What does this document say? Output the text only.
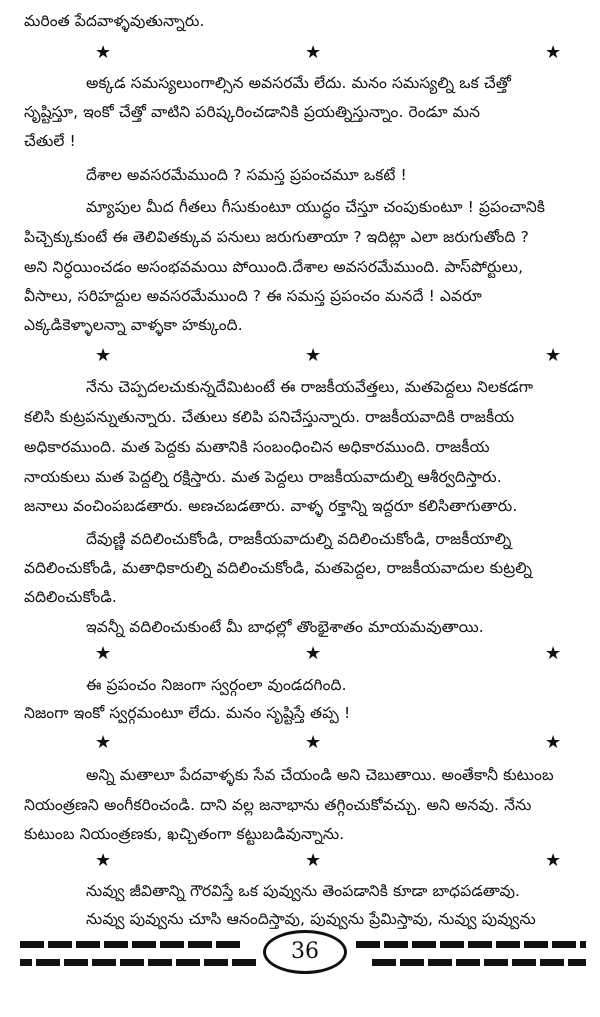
మరింత పేదవాళ్ళవుతున్నారు.
★	★	★
అక్కడ సమస్యలుంగాల్సిన అవసరమే లేదు. మనం సమస్యల్ని ఒక చేత్తో
సృష్టిస్తూ, ఇంకో చేత్తో వాటిని పరిష్కరించడానికి ప్రయత్నిస్తున్నాం. రెండూ మన
చేతులే !
దేశాల అవసరమేముంది ? సమస్త ప్రపంచమూ ఒకటే !
మ్యాపుల మీద గీతలు గీసుకుంటూ యుద్ధం చేస్తూ చంపుకుంటూ ! ప్రపంచానికి
పిచ్చెక్కుకుంటే ఈ తెలివితక్కువ పనులు జరుగుతాయా ? ఇదిట్లా ఎలా జరుగుతోంది ?
అని నిర్ధయించడం అసంభవమయి పోయింది.దేశాల అవసరమేముంది. పాస్‌పోర్టులు,
వీసాలు, సరిహద్దుల అవసరమేముంది ? ఈ సమస్త ప్రపంచం మనదే ! ఎవరూ
ఎక్కడికెళ్ళాలన్నా వాళ్ళకా హక్కుంది.
★	★	★
నేను చెప్పదలచుకున్నదేమిటంటే ఈ రాజకీయవేత్తలు, మతపెద్దలు నిలకడగా
కలిసి కుట్రపన్నుతున్నారు. చేతులు కలిపి పనిచేస్తున్నారు. రాజకీయవాదికి రాజకీయ
అధికారముంది. మత పెద్దకు మతానికి సంబంధించిన అధికారముంది. రాజకీయ
నాయకులు మత పెద్దల్ని రక్షిస్తారు. మత పెద్దలు రాజకీయవాదుల్ని ఆశీర్వదిస్తారు.
జనాలు వంచింపబడతారు. అణచబడతారు. వాళ్ళ రక్తాన్ని ఇద్దరూ కలిసితాగుతారు.
దేవుణ్ణి వదిలించుకోండి, రాజకీయవాదుల్ని వదిలించుకోండి, రాజకీయాల్ని
వదిలించుకోండి, మతాధికారుల్ని వదిలించుకోండి, మతపెద్దల, రాజకీయవాదుల కుట్రల్ని
వదిలించుకోండి.
ఇవన్నీ వదిలించుకుంటే మీ బాధల్లో తొంభైశాతం మాయమవుతాయి.
★	★	★
ఈ ప్రపంచం నిజంగా స్వర్గంలా వుండదగింది.
నిజంగా ఇంకో స్వర్గమంటూ లేదు. మనం సృష్టిస్తే తప్ప !
★	★	★
అన్ని మతాలూ పేదవాళ్ళకు సేవ చేయండి అని చెబుతాయి. అంతేకానీ కుటుంబ
నియంత్రణని అంగీకరించండి. దాని వల్ల జనాభాను తగ్గించుకోవచ్చు. అని అనవు. నేను
కుటుంబ నియంత్రణకు, ఖచ్చితంగా కట్టుబడివున్నాను.
★	★	★
నువ్వు జీవితాన్ని గౌరవిస్తే ఒక పువ్వును తెంపడానికి కూడా బాధపడతావు.
నువ్వు పువ్వును చూసి ఆనందిస్తావు, పువ్వును ప్రేమిస్తావు, నువ్వు పువ్వును
36
